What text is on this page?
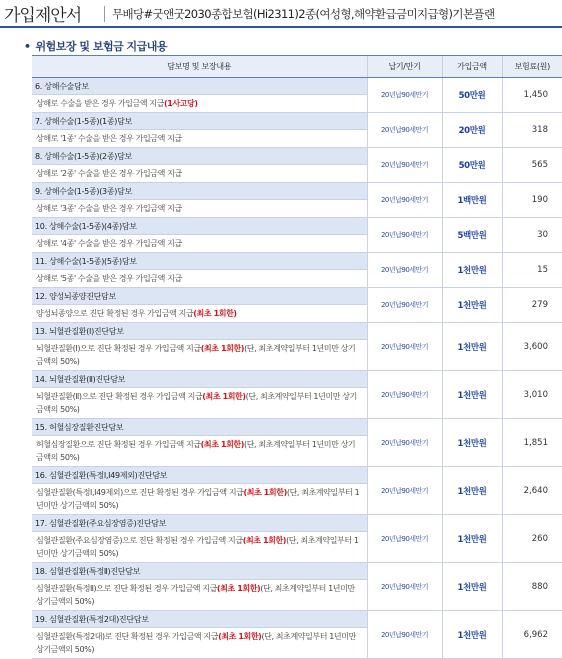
가입제안서	무배당#굿앤굿2030종합보험(Hi2311)2종(여성형,해약환급금미지급형)기본플랜
• 위험보장 및 보험금 지급내용
담보명 및 보장내용	납기/만기	가입금액	보험료(원)
6. 상해수술담보	20년납90세만기	50만원	1,450
상해로 수술을 받은 경우 가입금액 지급(1사고당)			
7. 상해수술(1-5종)(1종)담보	20년납90세만기	20만원	318
상해로 '1종' 수술을 받은 경우 가입금액 지급			
8. 상해수술(1-5종)(2종)담보	20년납90세만기	50만원	565
상해로 '2종' 수술을 받은 경우 가입금액 지급			
9. 상해수술(1-5종)(3종)담보	20년납90세만기	1백만원	190
상해로 '3종' 수술을 받은 경우 가입금액 지급			
10. 상해수술(1-5종)(4종)담보	20년납90세만기	5백만원	30
상해로 '4종' 수술을 받은 경우 가입금액 지급			
11. 상해수술(1-5종)(5종)담보	20년납90세만기	1천만원	15
상해로 '5종' 수술을 받은 경우 가입금액 지급			
12. 양성뇌종양진단담보	20년납90세만기	1천만원	279
양성뇌종양으로 진단 확정된 경우 가입금액 지급(최초 1회한)			
13. 뇌혈관질환(Ⅰ)진단담보	20년납90세만기	1천만원	3,600
뇌혈관질환(Ⅰ)으로 진단 확정된 경우 가입금액 지급(최초 1회한)(단, 최초계약일부터 1년미만 상기금액의 50%)			
14. 뇌혈관질환(Ⅱ)진단담보	20년납90세만기	1천만원	3,010
뇌혈관질환(Ⅱ)으로 진단 확정된 경우 가입금액 지급(최초 1회한)(단, 최초계약일부터 1년미만 상기금액의 50%)			
15. 허혈심장질환진단담보	20년납90세만기	1천만원	1,851
허혈심장질환으로 진단 확정된 경우 가입금액 지급(최초 1회한)(단, 최초계약일부터 1년미만 상기금액의 50%)			
16. 심혈관질환(특정Ⅰ,I49제외)진단담보	20년납90세만기	1천만원	2,640
심혈관질환(특정Ⅰ,I49제외)으로 진단 확정된 경우 가입금액 지급(최초 1회한)(단, 최초계약일부터 1년미만 상기금액의 50%)			
17. 심혈관질환(주요심장염증)진단담보	20년납90세만기	1천만원	260
심혈관질환(주요심장염증)으로 진단 확정된 경우 가입금액 지급(최초 1회한)(단, 최초계약일부터 1년미만 상기금액의 50%)			
18. 심혈관질환(특정Ⅱ)진단담보	20년납90세만기	1천만원	880
심혈관질환(특정Ⅱ)으로 진단 확정된 경우 가입금액 지급(최초 1회한)(단, 최초계약일부터 1년미만 상기금액의 50%)			
19. 심혈관질환(특정2대)진단담보	20년납90세만기	1천만원	6,962
심혈관질환(특정2대)로 진단 확정된 경우 가입금액 지급(최초 1회한)(단, 최초계약일부터 1년미만 상기금액의 50%)			
